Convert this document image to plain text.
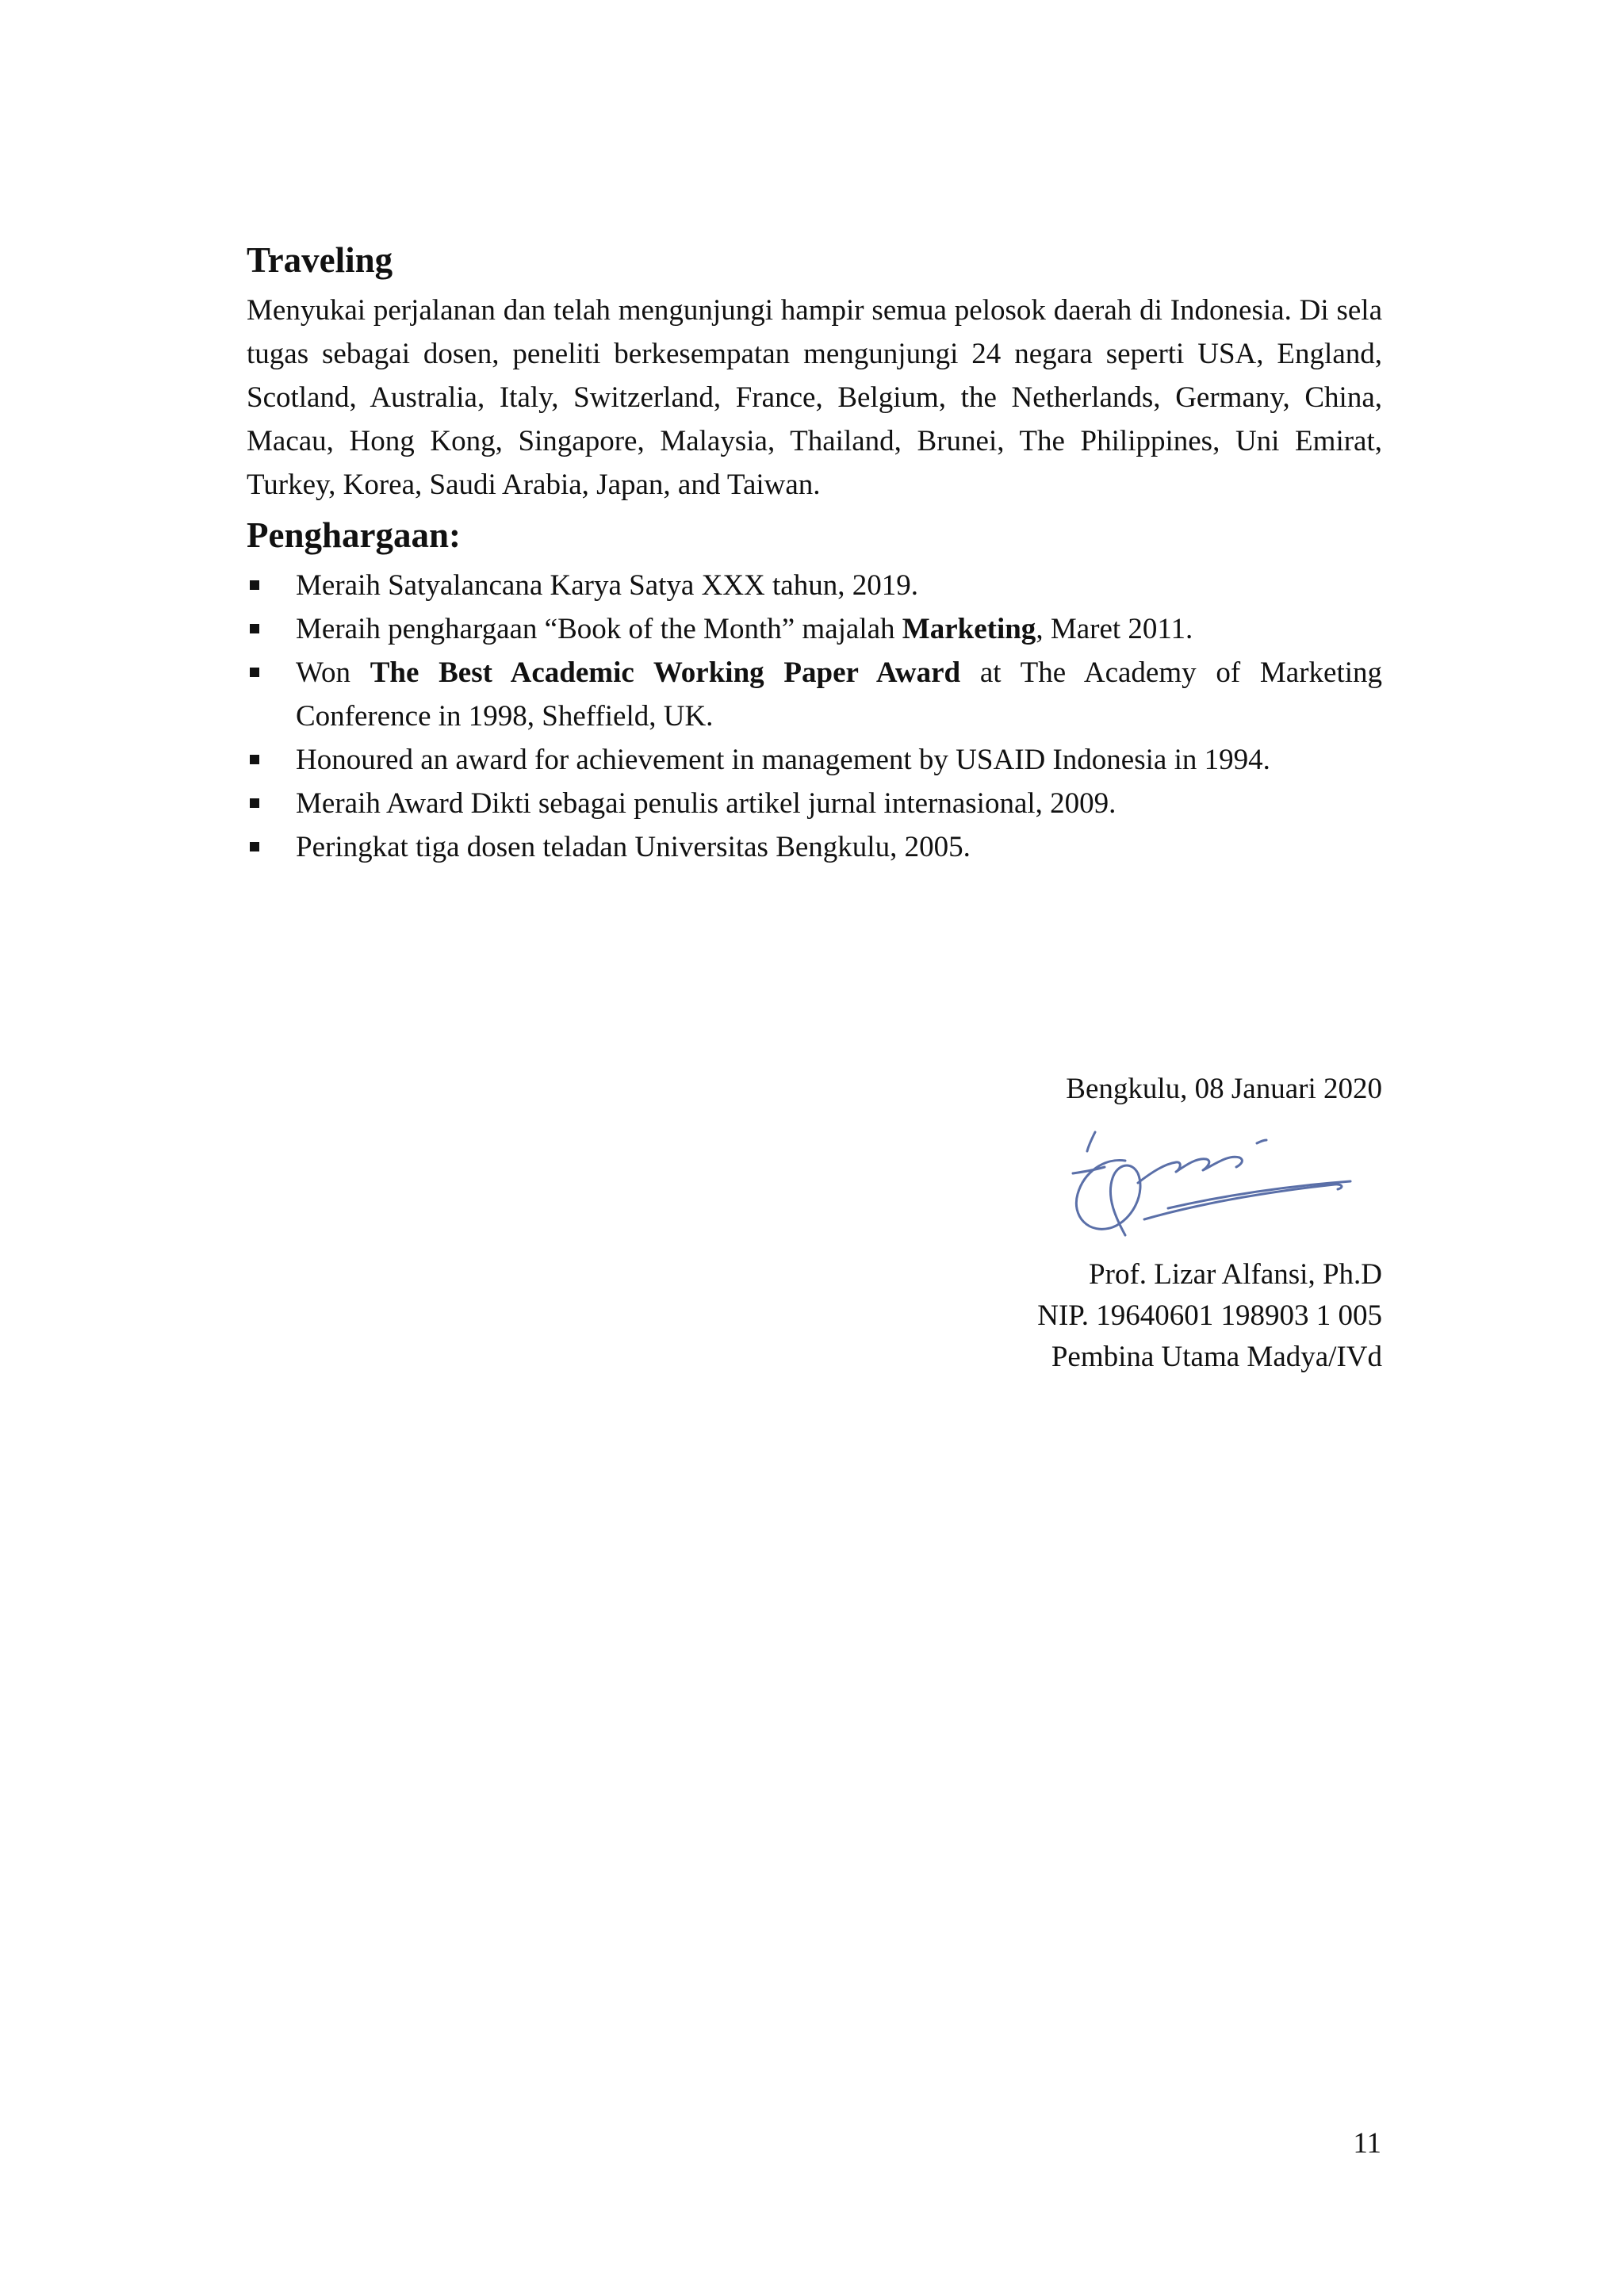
Traveling

Menyukai perjalanan dan telah mengunjungi hampir semua pelosok daerah di Indonesia. Di sela tugas sebagai dosen, peneliti berkesempatan mengunjungi 24 negara seperti USA, England, Scotland, Australia, Italy, Switzerland, France, Belgium, the Netherlands, Germany, China, Macau, Hong Kong, Singapore, Malaysia, Thailand, Brunei, The Philippines, Uni Emirat, Turkey, Korea, Saudi Arabia, Japan, and Taiwan.

Penghargaan:
Meraih Satyalancana Karya Satya XXX tahun, 2019.
Meraih penghargaan “Book of the Month” majalah Marketing, Maret 2011.
Won The Best Academic Working Paper Award at The Academy of Marketing Conference in 1998, Sheffield, UK.
Honoured an award for achievement in management by USAID Indonesia in 1994.
Meraih Award Dikti sebagai penulis artikel jurnal internasional, 2009.
Peringkat tiga dosen teladan Universitas Bengkulu, 2005.
Bengkulu, 08 Januari 2020
Prof. Lizar Alfansi, Ph.D
NIP. 19640601 198903 1 005
Pembina Utama Madya/IVd
11
